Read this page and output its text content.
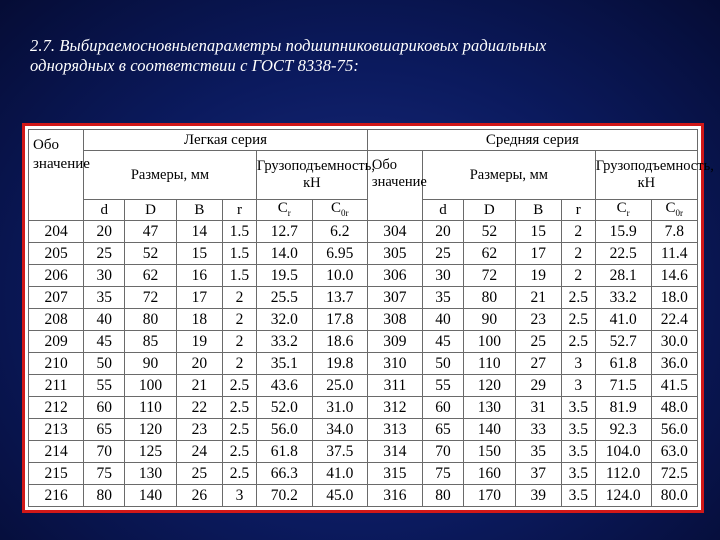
2.7. Выбираемосновныепараметры подшипниковшариковых радиальных
однорядных в соответствии с ГОСТ 8338-75:
Обо значение	Легкая серия						Средняя серия						
	Размеры, мм				Грузоподъемность, кН		Обо значение	Размеры, мм				Грузоподъемность, кН	
	d	D	B	r	$C_r$	$C_{0r}$		d	D	B	r	$C_r$	$C_{0r}$
204	20	47	14	1.5	12.7	6.2	304	20	52	15	2	15.9	7.8
205	25	52	15	1.5	14.0	6.95	305	25	62	17	2	22.5	11.4
206	30	62	16	1.5	19.5	10.0	306	30	72	19	2	28.1	14.6
207	35	72	17	2	25.5	13.7	307	35	80	21	2.5	33.2	18.0
208	40	80	18	2	32.0	17.8	308	40	90	23	2.5	41.0	22.4
209	45	85	19	2	33.2	18.6	309	45	100	25	2.5	52.7	30.0
210	50	90	20	2	35.1	19.8	310	50	110	27	3	61.8	36.0
211	55	100	21	2.5	43.6	25.0	311	55	120	29	3	71.5	41.5
212	60	110	22	2.5	52.0	31.0	312	60	130	31	3.5	81.9	48.0
213	65	120	23	2.5	56.0	34.0	313	65	140	33	3.5	92.3	56.0
214	70	125	24	2.5	61.8	37.5	314	70	150	35	3.5	104.0	63.0
215	75	130	25	2.5	66.3	41.0	315	75	160	37	3.5	112.0	72.5
216	80	140	26	3	70.2	45.0	316	80	170	39	3.5	124.0	80.0
